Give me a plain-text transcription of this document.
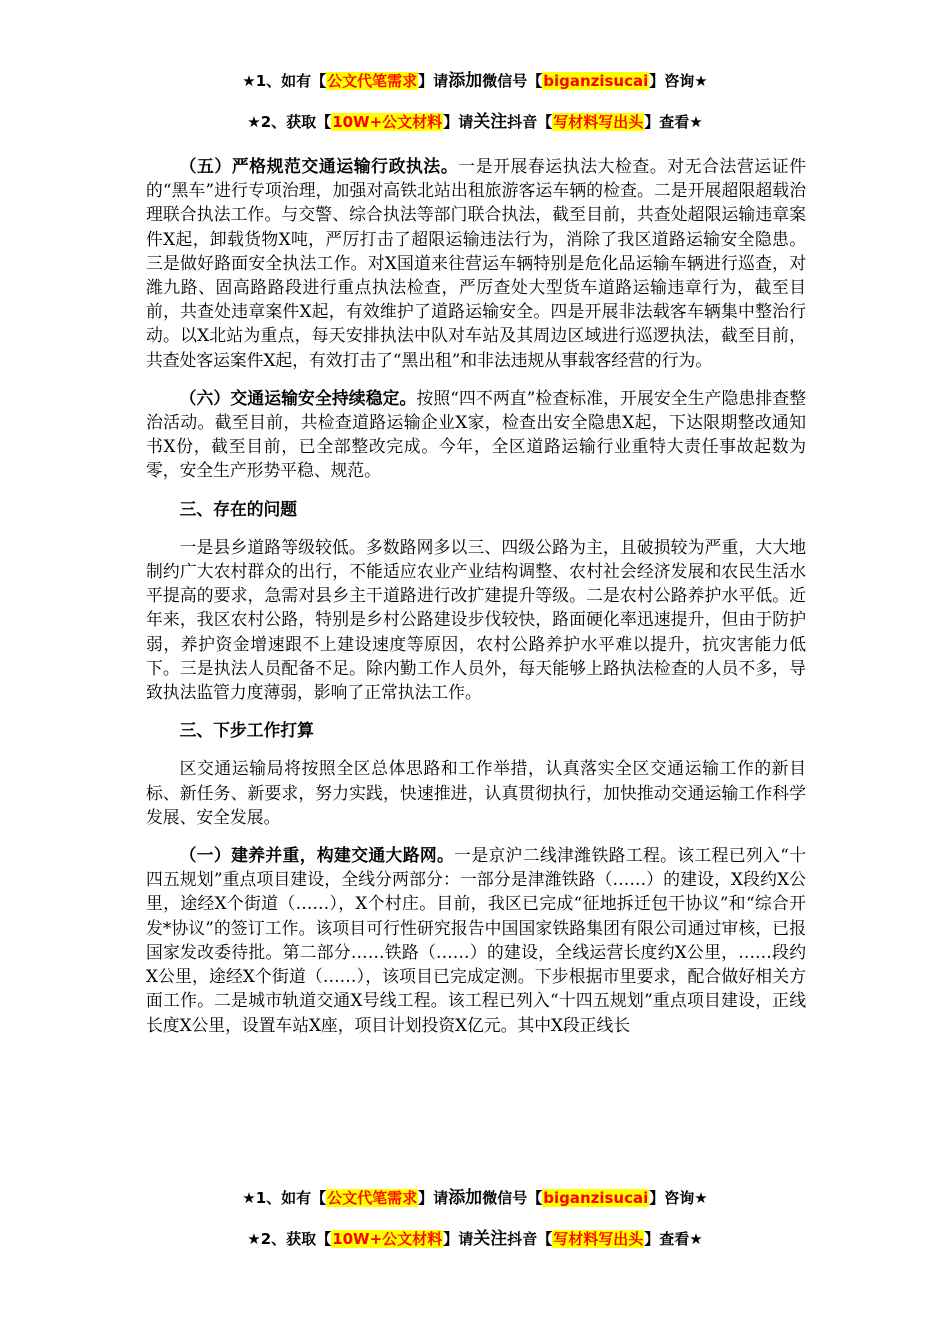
★1、如有【公文代笔需求】请添加微信号【biganzisucai】咨询★
★2、获取【10W+公文材料】请关注抖音【写材料写出头】查看★

（五）严格规范交通运输行政执法。一是开展春运执法大检查。对无合法营运证件的“黑车”进行专项治理，加强对高铁北站出租旅游客运车辆的检查。二是开展超限超载治理联合执法工作。与交警、综合执法等部门联合执法，截至目前，共查处超限运输违章案件X起，卸载货物X吨，严厉打击了超限运输违法行为，消除了我区道路运输安全隐患。三是做好路面安全执法工作。对X国道来往营运车辆特别是危化品运输车辆进行巡查，对潍九路、固高路路段进行重点执法检查，严厉查处大型货车道路运输违章行为，截至目前，共查处违章案件X起，有效维护了道路运输安全。四是开展非法载客车辆集中整治行动。以X北站为重点，每天安排执法中队对车站及其周边区域进行巡逻执法，截至目前，共查处客运案件X起，有效打击了“黑出租”和非法违规从事载客经营的行为。

（六）交通运输安全持续稳定。按照“四不两直”检查标准，开展安全生产隐患排查整治活动。截至目前，共检查道路运输企业X家，检查出安全隐患X起，下达限期整改通知书X份，截至目前，已全部整改完成。今年，全区道路运输行业重特大责任事故起数为零，安全生产形势平稳、规范。

三、存在的问题

一是县乡道路等级较低。多数路网多以三、四级公路为主，且破损较为严重，大大地制约广大农村群众的出行，不能适应农业产业结构调整、农村社会经济发展和农民生活水平提高的要求，急需对县乡主干道路进行改扩建提升等级。二是农村公路养护水平低。近年来，我区农村公路，特别是乡村公路建设步伐较快，路面硬化率迅速提升，但由于防护弱，养护资金增速跟不上建设速度等原因，农村公路养护水平难以提升，抗灾害能力低下。三是执法人员配备不足。除内勤工作人员外，每天能够上路执法检查的人员不多，导致执法监管力度薄弱，影响了正常执法工作。

三、下步工作打算

区交通运输局将按照全区总体思路和工作举措，认真落实全区交通运输工作的新目标、新任务、新要求，努力实践，快速推进，认真贯彻执行，加快推动交通运输工作科学发展、安全发展。

（一）建养并重，构建交通大路网。一是京沪二线津潍铁路工程。该工程已列入“十四五规划”重点项目建设，全线分两部分：一部分是津潍铁路（……）的建设，X段约X公里，途经X个街道（……），X个村庄。目前，我区已完成“征地拆迁包干协议”和“综合开发*协议”的签订工作。该项目可行性研究报告中国国家铁路集团有限公司通过审核，已报国家发改委待批。第二部分……铁路（……）的建设，全线运营长度约X公里，……段约X公里，途经X个街道（……），该项目已完成定测。下步根据市里要求，配合做好相关方面工作。二是城市轨道交通X号线工程。该工程已列入“十四五规划”重点项目建设，正线长度X公里，设置车站X座，项目计划投资X亿元。其中X段正线长

★1、如有【公文代笔需求】请添加微信号【biganzisucai】咨询★
★2、获取【10W+公文材料】请关注抖音【写材料写出头】查看★
